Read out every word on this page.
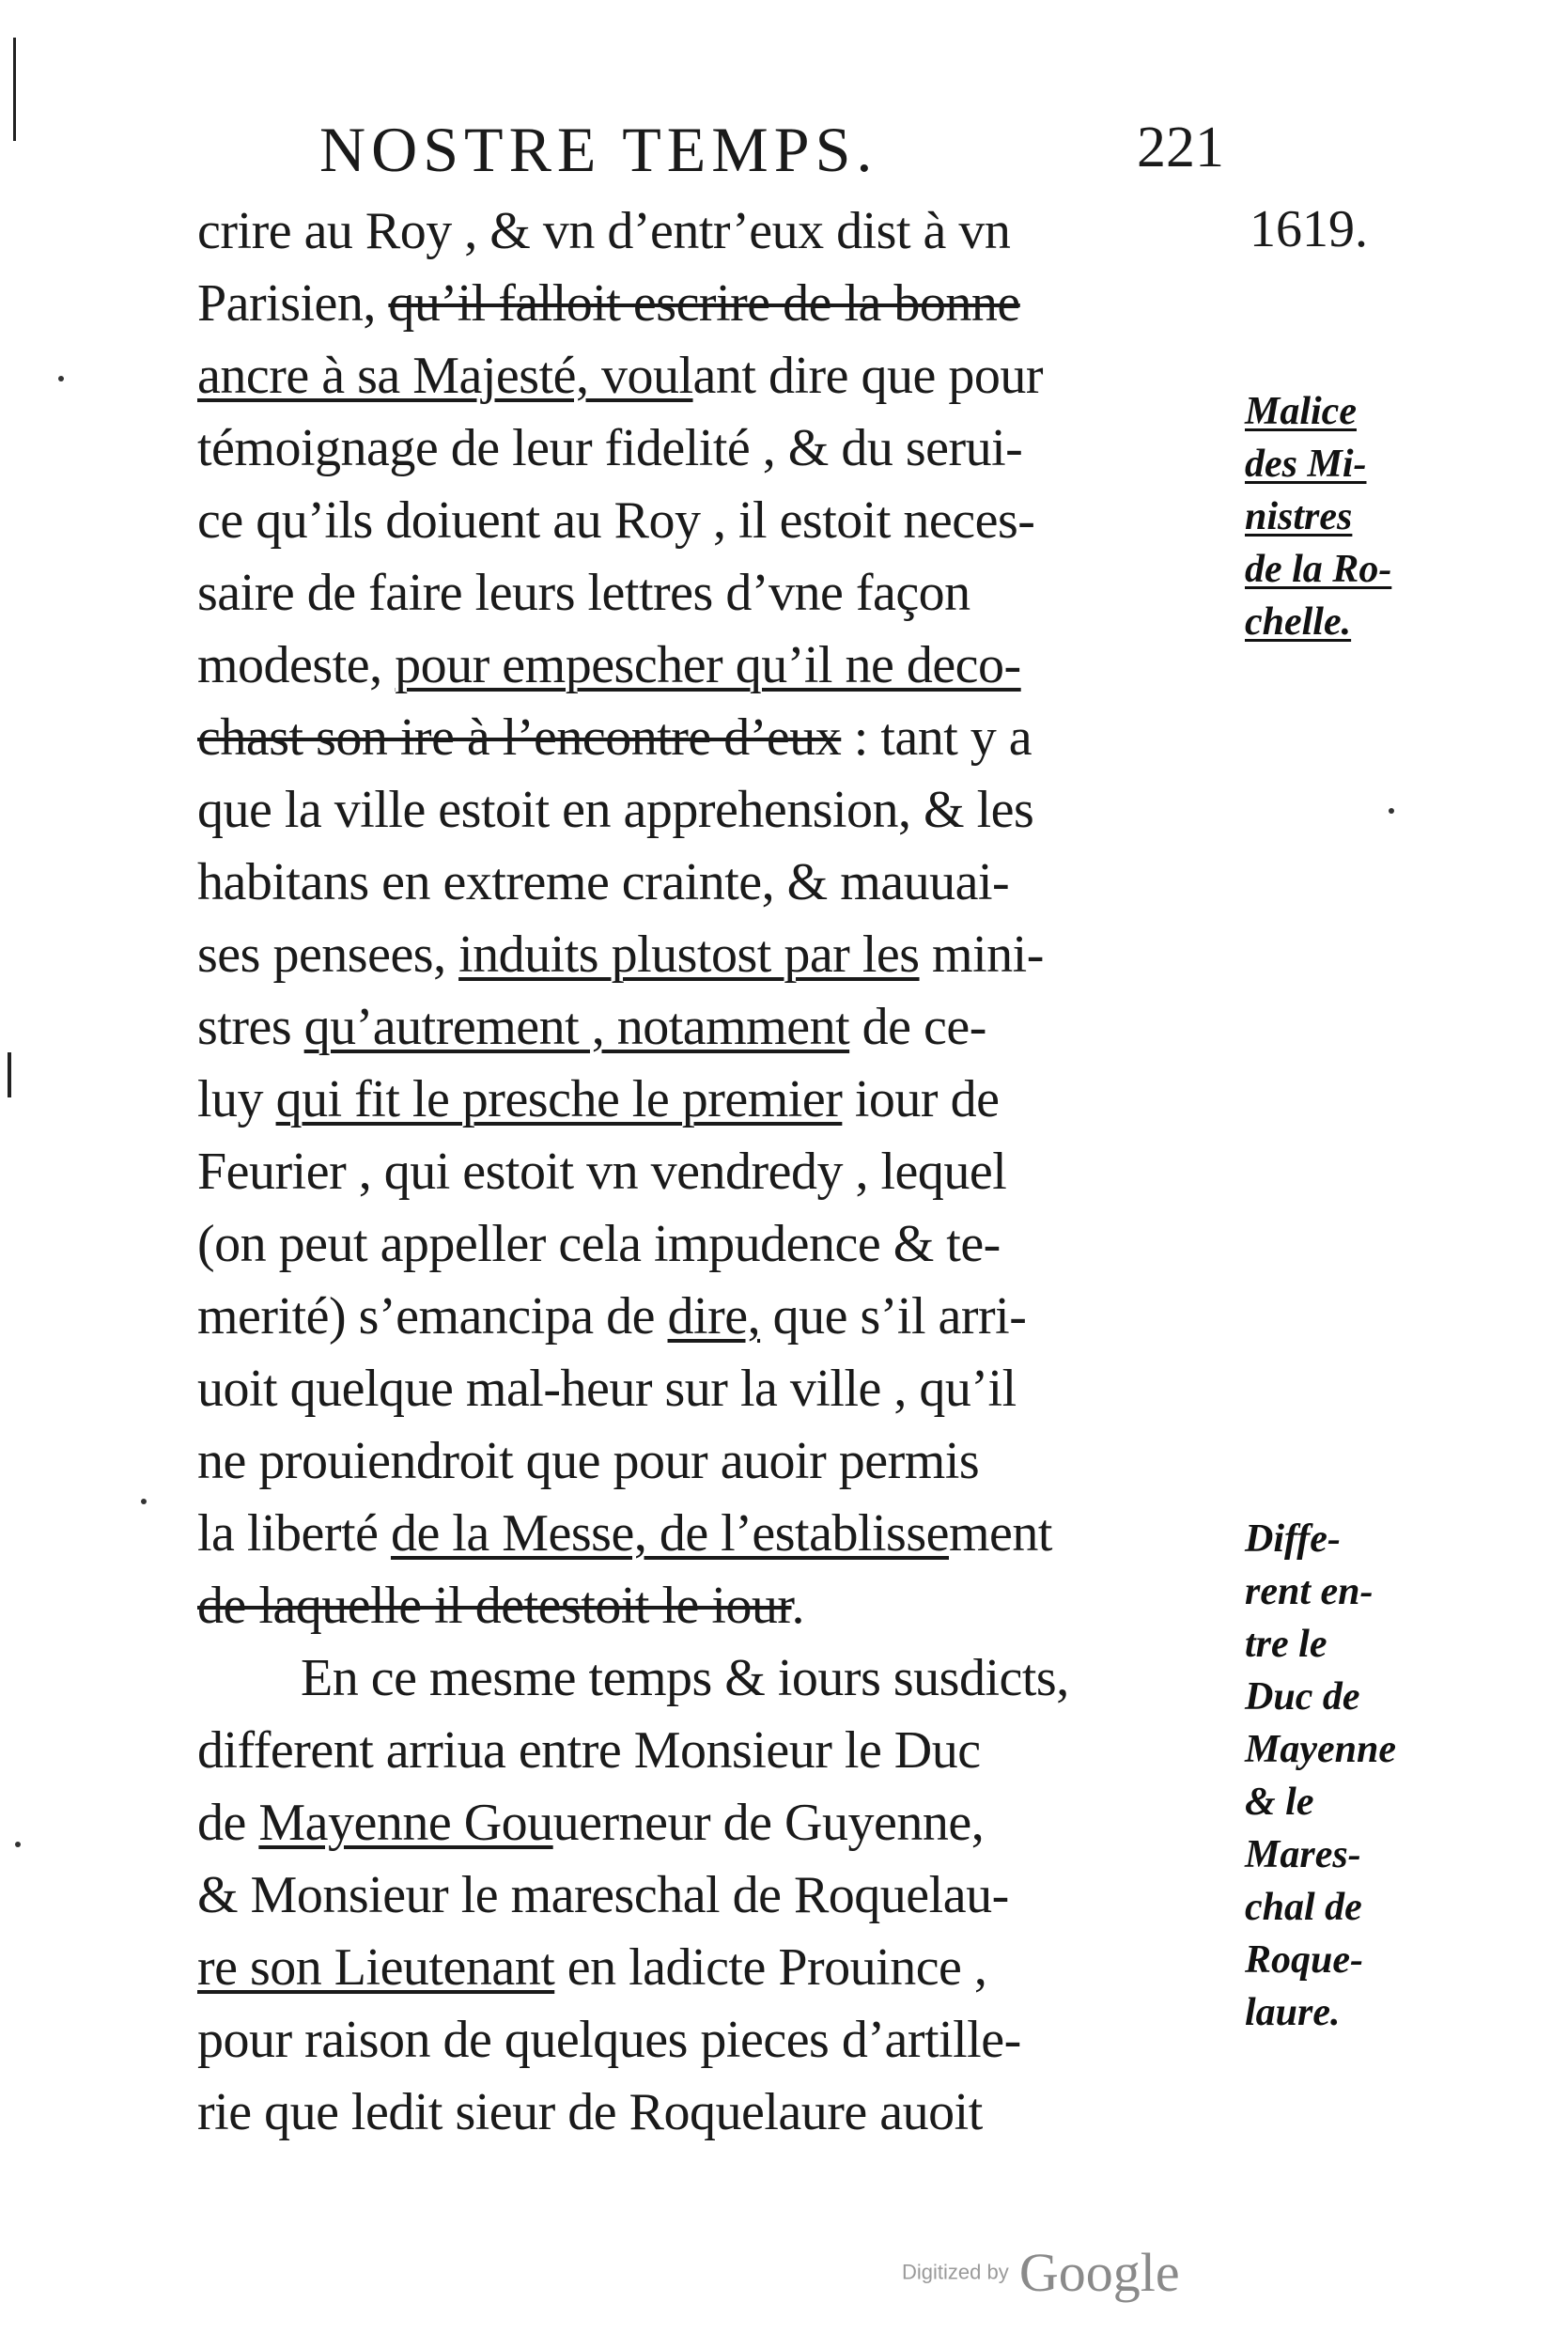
NOSTRE TEMPS.	221
1619.
crire au Roy , & vn d’entr’eux dist à vn
Parisien, qu’il falloit escrire de la bonne
ancre à sa Majesté, voulant dire que pour
témoignage de leur fidelité , & du serui-
ce qu’ils doiuent au Roy , il estoit neces-
saire de faire leurs lettres d’vne façon
modeste, pour empescher qu’il ne deco-
chast son ire à l’encontre d’eux : tant y a
que la ville estoit en apprehension, & les
habitans en extreme crainte, & mauuai-
ses pensees, induits plustost par les mini-
stres qu’autrement , notamment de ce-
luy qui fit le presche le premier iour de
Feurier , qui estoit vn vendredy , lequel
(on peut appeller cela impudence & te-
merité) s’emancipa de dire, que s’il arri-
uoit quelque mal-heur sur la ville , qu’il
ne prouiendroit que pour auoir permis
la liberté de la Messe, de l’establissement
de laquelle il detestoit le iour.
En ce mesme temps & iours susdicts,
different arriua entre Monsieur le Duc
de Mayenne Gouuerneur de Guyenne,
& Monsieur le mareschal de Roquelau-
re son Lieutenant en ladicte Prouince ,
pour raison de quelques pieces d’artille-
rie que ledit sieur de Roquelaure auoit
Malice
des Mi-
nistres
de la Ro-
chelle.
Diffe-
rent en-
tre le
Duc de
Mayenne
& le
Mares-
chal de
Roque-
laure.
Digitized by Google
